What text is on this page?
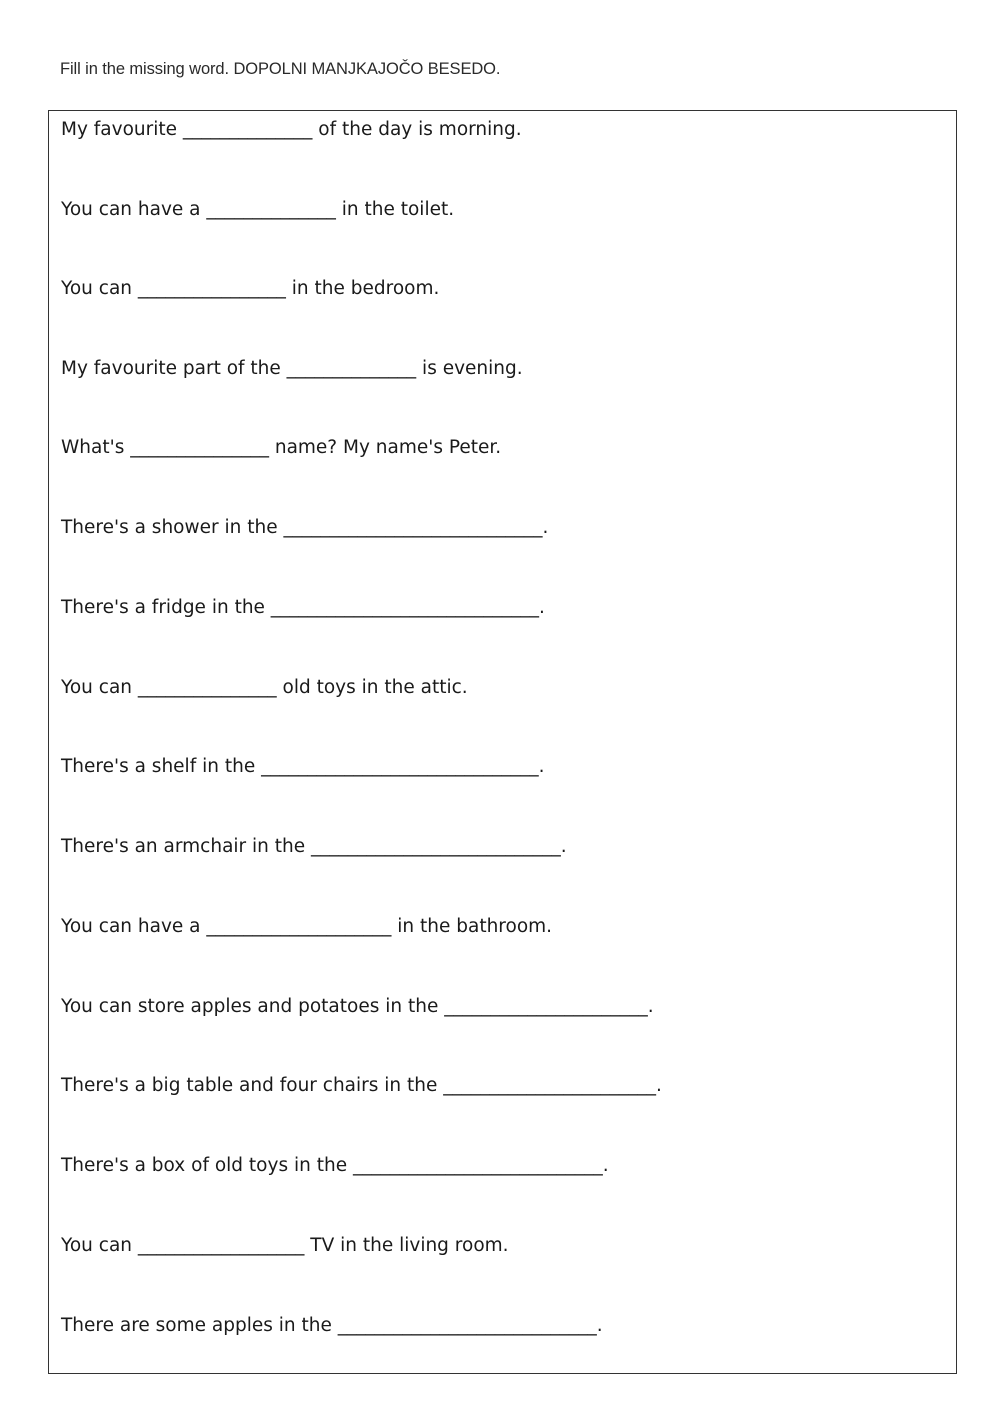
Fill in the missing word. DOPOLNI MANJKAJOČO BESEDO.
My favourite ______________ of the day is morning.
You can have a ______________ in the toilet.
You can ________________ in the bedroom.
My favourite part of the ______________ is evening.
What's _______________ name? My name's Peter.
There's a shower in the ____________________________.
There's a fridge in the _____________________________.
You can _______________ old toys in the attic.
There's a shelf in the ______________________________.
There's an armchair in the ___________________________.
You can have a ____________________ in the bathroom.
You can store apples and potatoes in the ______________________.
There's a big table and four chairs in the _______________________.
There's a box of old toys in the ___________________________.
You can __________________ TV in the living room.
There are some apples in the ____________________________.
